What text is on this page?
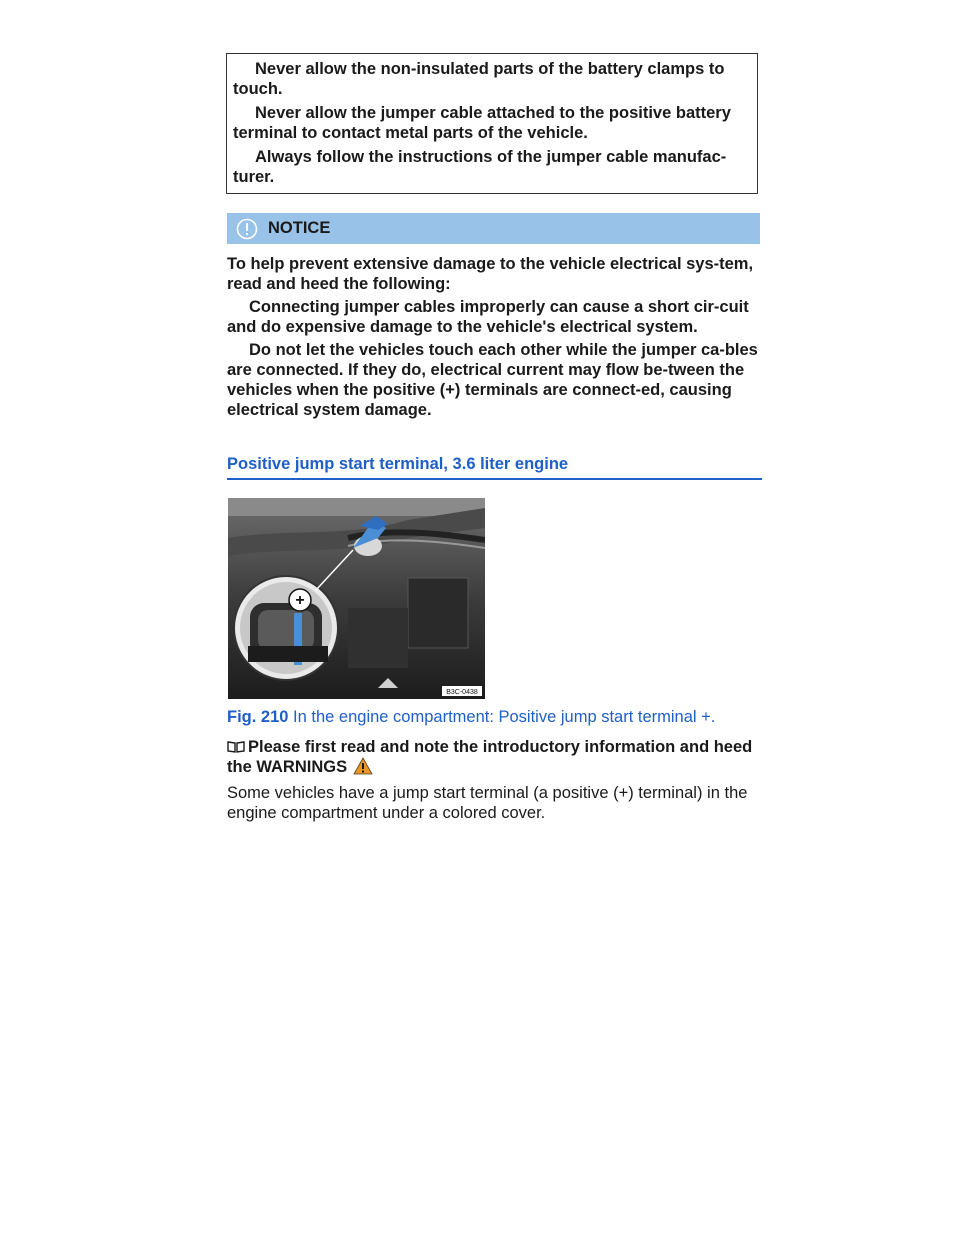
Never allow the non-insulated parts of the battery clamps to touch.

Never allow the jumper cable attached to the positive battery terminal to contact metal parts of the vehicle.

Always follow the instructions of the jumper cable manufac-turer.

NOTICE

To help prevent extensive damage to the vehicle electrical sys-tem, read and heed the following:

Connecting jumper cables improperly can cause a short cir-cuit and do expensive damage to the vehicle's electrical system.

Do not let the vehicles touch each other while the jumper ca-bles are connected. If they do, electrical current may flow be-tween the vehicles when the positive (+) terminals are connect-ed, causing electrical system damage.

Positive jump start terminal, 3.6 liter engine
+
B3C-0438
Fig. 210 In the engine compartment: Positive jump start terminal +.
Please first read and note the introductory information and heed the WARNINGS
Some vehicles have a jump start terminal (a positive (+) terminal) in the engine compartment under a colored cover.
